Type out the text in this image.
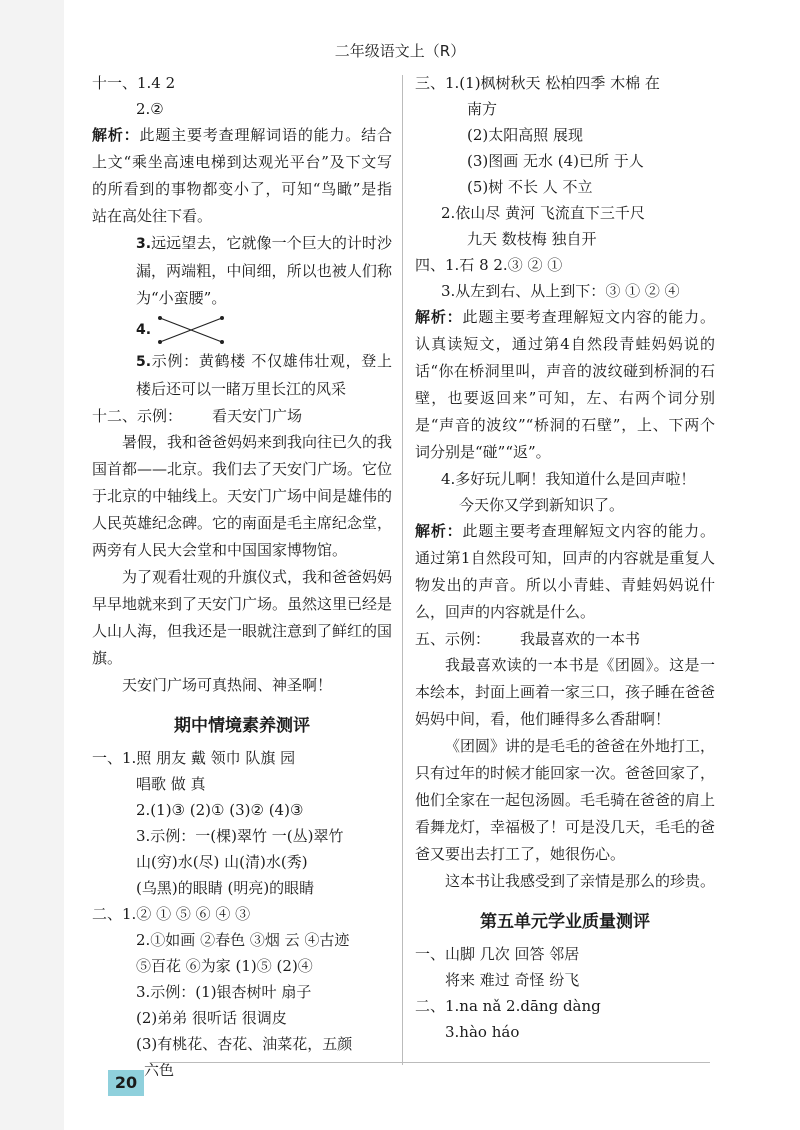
二年级语文上（R）
十一、1.4 2
2.②
解析：此题主要考查理解词语的能力。结合上文“乘坐高速电梯到达观光平台”及下文写的所看到的事物都变小了，可知“鸟瞰”是指站在高处往下看。
3.远远望去，它就像一个巨大的计时沙漏，两端粗，中间细，所以也被人们称为“小蛮腰”。
4.
5.示例：黄鹤楼 不仅雄伟壮观，登上楼后还可以一睹万里长江的风采
十二、示例： 看天安门广场
暑假，我和爸爸妈妈来到我向往已久的我国首都——北京。我们去了天安门广场。它位于北京的中轴线上。天安门广场中间是雄伟的人民英雄纪念碑。它的南面是毛主席纪念堂，两旁有人民大会堂和中国国家博物馆。
为了观看壮观的升旗仪式，我和爸爸妈妈早早地就来到了天安门广场。虽然这里已经是人山人海，但我还是一眼就注意到了鲜红的国旗。
天安门广场可真热闹、神圣啊！
期中情境素养测评
一、1.照 朋友 戴 领巾 队旗 园
唱歌 做 真
2.(1)③ (2)① (3)② (4)③
3.示例：一(棵)翠竹 一(丛)翠竹
山(穷)水(尽) 山(清)水(秀)
(乌黑)的眼睛 (明亮)的眼睛
二、1.② ① ⑤ ⑥ ④ ③
2.①如画 ②春色 ③烟 云 ④古迹
⑤百花 ⑥为家 (1)⑤ (2)④
3.示例：(1)银杏树叶 扇子
(2)弟弟 很听话 很调皮
(3)有桃花、杏花、油菜花，五颜
六色
三、1.(1)枫树秋天 松柏四季 木棉 在
南方
(2)太阳高照 展现
(3)图画 无水 (4)已所 于人
(5)树 不长 人 不立
2.依山尽 黄河 飞流直下三千尺
九天 数枝梅 独自开
四、1.石 8 2.③ ② ①
3.从左到右、从上到下：③ ① ② ④
解析：此题主要考查理解短文内容的能力。认真读短文，通过第4自然段青蛙妈妈说的话“你在桥洞里叫，声音的波纹碰到桥洞的石壁，也要返回来”可知，左、右两个词分别是“声音的波纹”“桥洞的石壁”，上、下两个词分别是“碰”“返”。
4.多好玩儿啊！我知道什么是回声啦！
今天你又学到新知识了。
解析：此题主要考查理解短文内容的能力。通过第1自然段可知，回声的内容就是重复人物发出的声音。所以小青蛙、青蛙妈妈说什么，回声的内容就是什么。
五、示例： 我最喜欢的一本书
我最喜欢读的一本书是《团圆》。这是一本绘本，封面上画着一家三口，孩子睡在爸爸妈妈中间，看，他们睡得多么香甜啊！
《团圆》讲的是毛毛的爸爸在外地打工，只有过年的时候才能回家一次。爸爸回家了，他们全家在一起包汤圆。毛毛骑在爸爸的肩上看舞龙灯，幸福极了！可是没几天，毛毛的爸爸又要出去打工了，她很伤心。
这本书让我感受到了亲情是那么的珍贵。
第五单元学业质量测评
一、山脚 几次 回答 邻居
将来 难过 奇怪 纷飞
二、1.na nǎ 2.dāng dàng
3.hào háo
20
